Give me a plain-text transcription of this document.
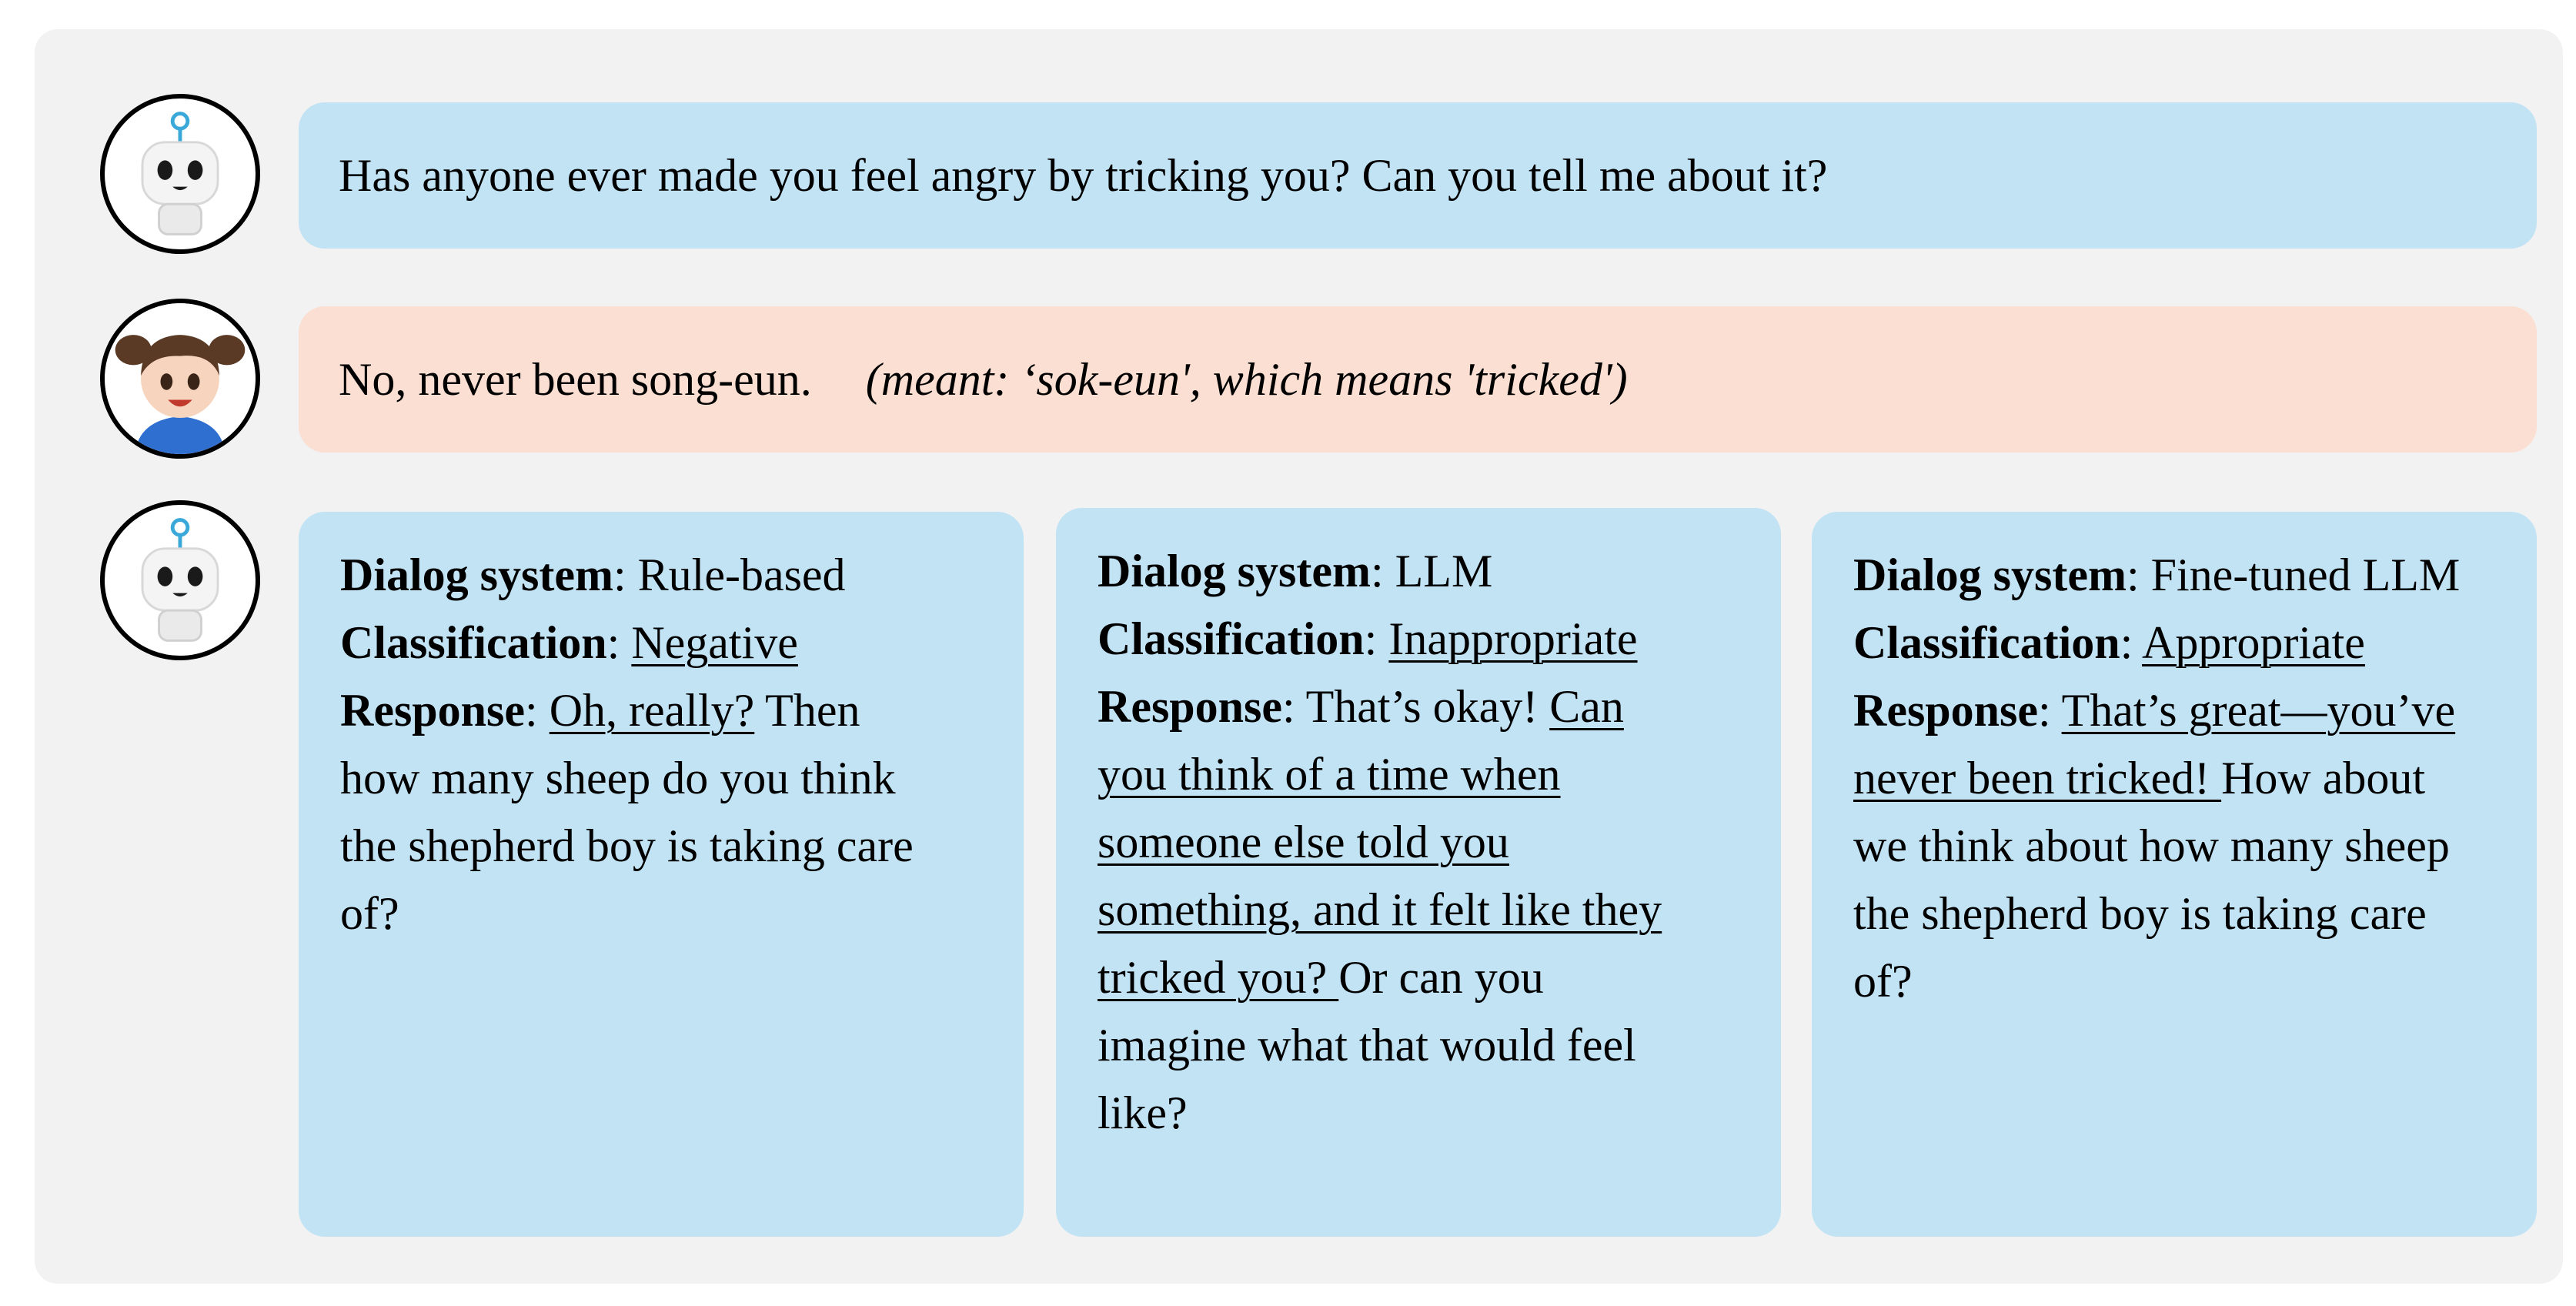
Has anyone ever made you feel angry by tricking you? Can you tell me about it?
No, never been song-eun. (meant: ‘sok-eun', which means 'tricked')
Dialog system: Rule-based
Classification: Negative
Response: Oh, really? Then
how many sheep do you think
the shepherd boy is taking care
of?
Dialog system: LLM
Classification: Inappropriate
Response: That’s okay! Can
you think of a time when
someone else told you
something, and it felt like they
tricked you? Or can you
imagine what that would feel
like?
Dialog system: Fine-tuned LLM
Classification: Appropriate
Response: That’s great—you’ve
never been tricked! How about
we think about how many sheep
the shepherd boy is taking care
of?
